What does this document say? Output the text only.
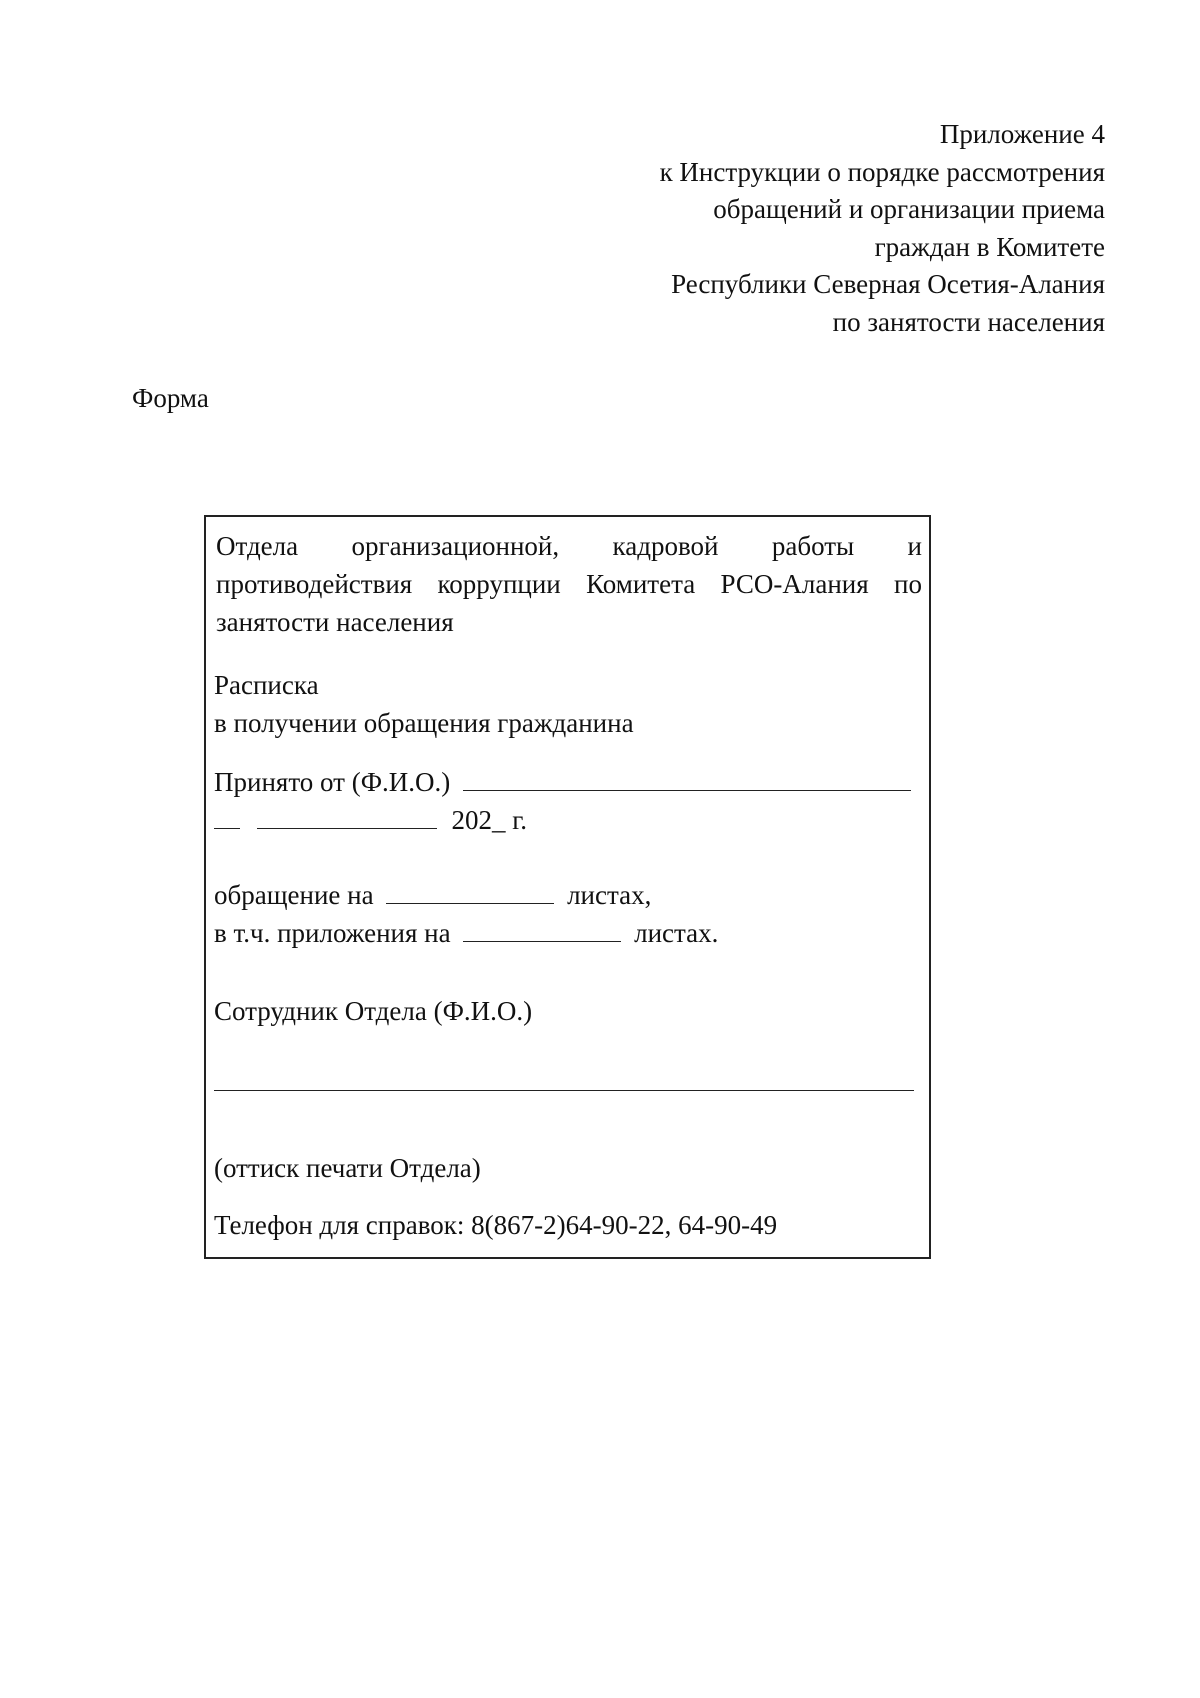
Приложение 4
к Инструкции о порядке рассмотрения
обращений и организации приема
граждан в Комитете
Республики Северная Осетия-Алания
по занятости населения
Форма
Отдела организационной, кадровой работы и
противодействия коррупции Комитета РСО-Алания по
занятости населения
Расписка
в получении обращения гражданина
Принято от (Ф.И.О.)
202_ г.
обращение на	листах,
в т.ч. приложения на	листах.
Сотрудник Отдела (Ф.И.О.)
(оттиск печати Отдела)
Телефон для справок: 8(867-2)64-90-22, 64-90-49
